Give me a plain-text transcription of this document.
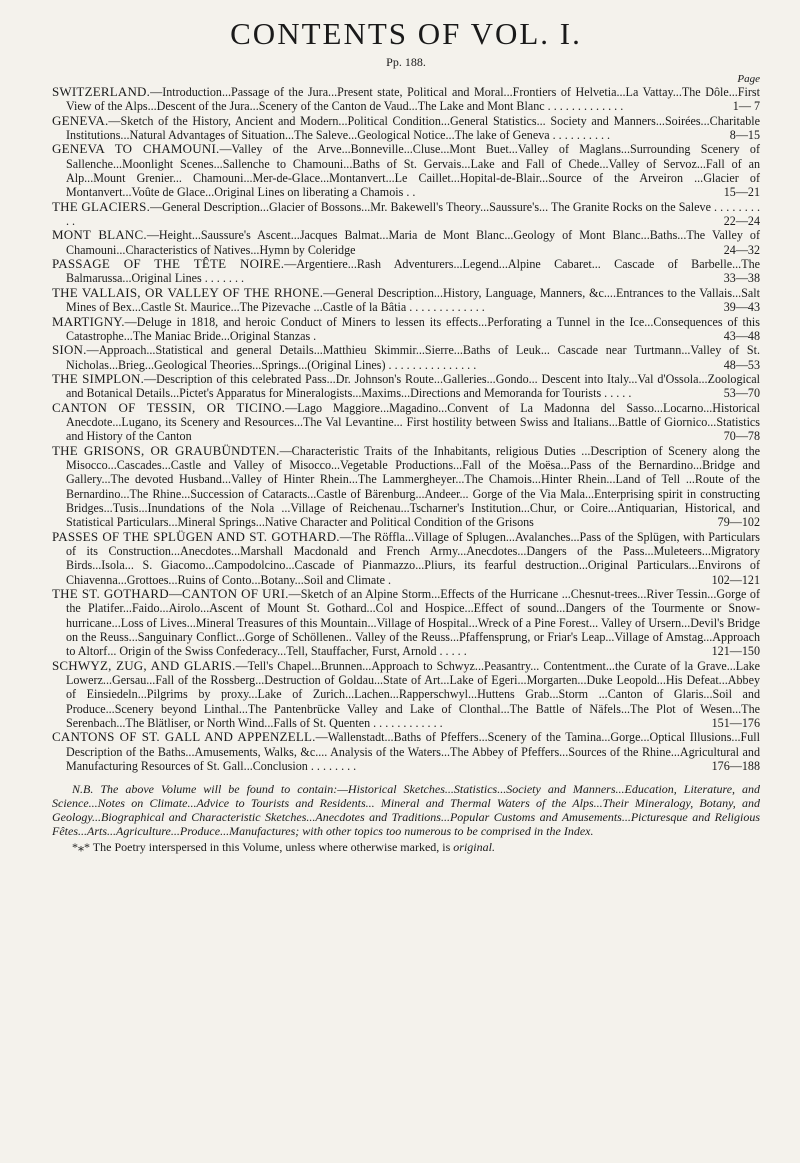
CONTENTS OF VOL. I.
Pp. 188.
Page

SWITZERLAND.—Introduction...Passage of the Jura...Present state, Political and Moral...Frontiers of Helvetia...La Vattay...The Dôle...First View of the Alps...Descent of the Jura...Scenery of the Canton de Vaud...The Lake and Mont Blanc . . . . . . . . . . . . .	1— 7

GENEVA.—Sketch of the History, Ancient and Modern...Political Condition...General Statistics... Society and Manners...Soirées...Charitable Institutions...Natural Advantages of Situation...The Saleve...Geological Notice...The lake of Geneva . . . . . . . . . .	8—15

GENEVA TO CHAMOUNI.—Valley of the Arve...Bonneville...Cluse...Mont Buet...Valley of Maglans...Surrounding Scenery of Sallenche...Moonlight Scenes...Sallenche to Chamouni...Baths of St. Gervais...Lake and Fall of Chede...Valley of Servoz...Fall of an Alp...Mount Grenier... Chamouni...Mer-de-Glace...Montanvert...Le Caillet...Hopital-de-Blair...Source of the Arveiron ...Glacier of Montanvert...Voûte de Glace...Original Lines on liberating a Chamois . .	15—21

THE GLACIERS.—General Description...Glacier of Bossons...Mr. Bakewell's Theory...Saussure's... The Granite Rocks on the Saleve . . . . . . . . . .	22—24

MONT BLANC.—Height...Saussure's Ascent...Jacques Balmat...Maria de Mont Blanc...Geology of Mont Blanc...Baths...The Valley of Chamouni...Characteristics of Natives...Hymn by Coleridge	24—32

PASSAGE OF THE TÊTE NOIRE.—Argentiere...Rash Adventurers...Legend...Alpine Cabaret... Cascade of Barbelle...The Balmarussa...Original Lines . . . . . . .	33—38

THE VALLAIS, OR VALLEY OF THE RHONE.—General Description...History, Language, Manners, &c....Entrances to the Vallais...Salt Mines of Bex...Castle St. Maurice...The Pizevache ...Castle of la Bâtia . . . . . . . . . . . . .	39—43

MARTIGNY.—Deluge in 1818, and heroic Conduct of Miners to lessen its effects...Perforating a Tunnel in the Ice...Consequences of this Catastrophe...The Maniac Bride...Original Stanzas .	43—48

SION.—Approach...Statistical and general Details...Matthieu Skimmir...Sierre...Baths of Leuk... Cascade near Turtmann...Valley of St. Nicholas...Brieg...Geological Theories...Springs...(Original Lines) . . . . . . . . . . . . . . .	48—53

THE SIMPLON.—Description of this celebrated Pass...Dr. Johnson's Route...Galleries...Gondo... Descent into Italy...Val d'Ossola...Zoological and Botanical Details...Pictet's Apparatus for Mineralogists...Maxims...Directions and Memoranda for Tourists . . . . .	53—70

CANTON OF TESSIN, OR TICINO.—Lago Maggiore...Magadino...Convent of La Madonna del Sasso...Locarno...Historical Anecdote...Lugano, its Scenery and Resources...The Val Levantine... First hostility between Swiss and Italians...Battle of Giornico...Statistics and History of the Canton	70—78

THE GRISONS, OR GRAUBÜNDTEN.—Characteristic Traits of the Inhabitants, religious Duties ...Description of Scenery along the Misocco...Cascades...Castle and Valley of Misocco...Vegetable Productions...Fall of the Moësa...Pass of the Bernardino...Bridge and Gallery...The devoted Husband...Valley of Hinter Rhein...The Lammergheyer...The Chamois...Hinter Rhein...Land of Tell ...Route of the Bernardino...The Rhine...Succession of Cataracts...Castle of Bärenburg...Andeer... Gorge of the Via Mala...Enterprising spirit in constructing Bridges...Tusis...Inundations of the Nola ...Village of Reichenau...Tscharner's Institution...Chur, or Coire...Antiquarian, Historical, and Statistical Particulars...Mineral Springs...Native Character and Political Condition of the Grisons	79—102

PASSES OF THE SPLÜGEN AND ST. GOTHARD.—The Röffla...Village of Splugen...Avalanches...Pass of the Splügen, with Particulars of its Construction...Anecdotes...Marshall Macdonald and French Army...Anecdotes...Dangers of the Pass...Muleteers...Migratory Birds...Isola... S. Giacomo...Campodolcino...Cascade of Pianmazzo...Pliurs, its fearful destruction...Original Particulars...Environs of Chiavenna...Grottoes...Ruins of Conto...Botany...Soil and Climate .	102—121

THE ST. GOTHARD—CANTON OF URI.—Sketch of an Alpine Storm...Effects of the Hurricane ...Chesnut-trees...River Tessin...Gorge of the Platifer...Faido...Airolo...Ascent of Mount St. Gothard...Col and Hospice...Effect of sound...Dangers of the Tourmente or Snow-hurricane...Loss of Lives...Mineral Treasures of this Mountain...Village of Hospital...Wreck of a Pine Forest... Valley of Ursern...Devil's Bridge on the Reuss...Sanguinary Conflict...Gorge of Schöllenen.. Valley of the Reuss...Pfaffensprung, or Friar's Leap...Village of Amstag...Approach to Altorf... Origin of the Swiss Confederacy...Tell, Stauffacher, Furst, Arnold . . . . .	121—150

SCHWYZ, ZUG, AND GLARIS.—Tell's Chapel...Brunnen...Approach to Schwyz...Peasantry... Contentment...the Curate of la Grave...Lake Lowerz...Gersau...Fall of the Rossberg...Destruction of Goldau...State of Art...Lake of Egeri...Morgarten...Duke Leopold...His Defeat...Abbey of Einsiedeln...Pilgrims by proxy...Lake of Zurich...Lachen...Rapperschwyl...Huttens Grab...Storm ...Canton of Glaris...Soil and Produce...Scenery beyond Linthal...The Pantenbrücke Valley and Lake of Clonthal...The Battle of Näfels...The Plot of Wesen...The Serenbach...The Blätliser, or North Wind...Falls of St. Quenten . . . . . . . . . . . .	151—176

CANTONS OF ST. GALL AND APPENZELL.—Wallenstadt...Baths of Pfeffers...Scenery of the Tamina...Gorge...Optical Illusions...Full Description of the Baths...Amusements, Walks, &c.... Analysis of the Waters...The Abbey of Pfeffers...Sources of the Rhine...Agricultural and Manufacturing Resources of St. Gall...Conclusion . . . . . . . .	176—188

N.B. The above Volume will be found to contain:—Historical Sketches...Statistics...Society and Manners...Education, Literature, and Science...Notes on Climate...Advice to Tourists and Residents... Mineral and Thermal Waters of the Alps...Their Mineralogy, Botany, and Geology...Biographical and Characteristic Sketches...Anecdotes and Traditions...Popular Customs and Amusements...Picturesque and Religious Fêtes...Arts...Agriculture...Produce...Manufactures; with other topics too numerous to be comprised in the Index.

*⁎* The Poetry interspersed in this Volume, unless where otherwise marked, is original.
